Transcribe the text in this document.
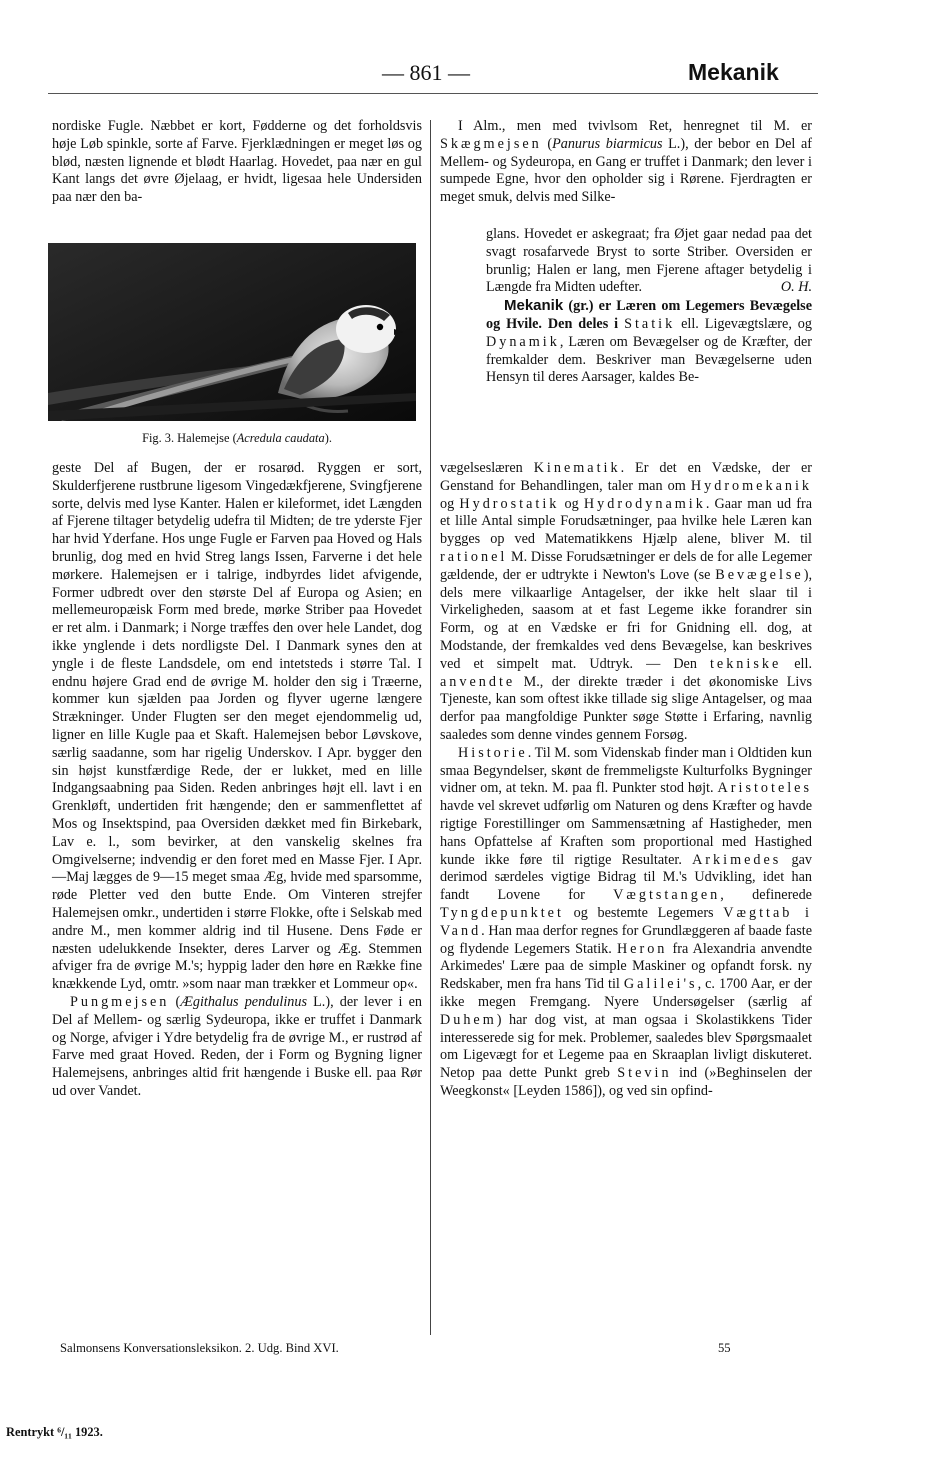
— 861 —	Mekanik

nordiske Fugle. Næbbet er kort, Fødderne og det forholdsvis høje Løb spinkle, sorte af Farve. Fjerklædningen er meget løs og blød, næsten lignende et blødt Haarlag. Hovedet, paa nær en gul Kant langs det øvre Øjelaag, er hvidt, ligesaa hele Undersiden paa nær den ba-

Fig. 3. Halemejse (Acredula caudata).

geste Del af Bugen, der er rosarød. Ryggen er sort, Skulderfjerene rustbrune ligesom Vingedækfjerene, Svingfjerene sorte, delvis med lyse Kanter. Halen er kileformet, idet Længden af Fjerene tiltager betydelig udefra til Midten; de tre yderste Fjer har hvid Yderfane. Hos unge Fugle er Farven paa Hoved og Hals brunlig, dog med en hvid Streg langs Issen, Farverne i det hele mørkere. Halemejsen er i talrige, indbyrdes lidet afvigende, Former udbredt over den største Del af Europa og Asien; en mellemeuropæisk Form med brede, mørke Striber paa Hovedet er ret alm. i Danmark; i Norge træffes den over hele Landet, dog ikke ynglende i dets nordligste Del. I Danmark synes den at yngle i de fleste Landsdele, om end intetsteds i større Tal. I endnu højere Grad end de øvrige M. holder den sig i Træerne, kommer kun sjælden paa Jorden og flyver ugerne længere Strækninger. Under Flugten ser den meget ejendommelig ud, ligner en lille Kugle paa et Skaft. Halemejsen bebor Løvskove, særlig saadanne, som har rigelig Underskov. I Apr. bygger den sin højst kunstfærdige Rede, der er lukket, med en lille Indgangsaabning paa Siden. Reden anbringes højt ell. lavt i en Grenkløft, undertiden frit hængende; den er sammenflettet af Mos og Insektspind, paa Oversiden dækket med fin Birkebark, Lav e. l., som bevirker, at den vanskelig skelnes fra Omgivelserne; indvendig er den foret med en Masse Fjer. I Apr.—Maj lægges de 9—15 meget smaa Æg, hvide med sparsomme, røde Pletter ved den butte Ende. Om Vinteren strejfer Halemejsen omkr., undertiden i større Flokke, ofte i Selskab med andre M., men kommer aldrig ind til Husene. Dens Føde er næsten udelukkende Insekter, deres Larver og Æg. Stemmen afviger fra de øvrige M.'s; hyppig lader den høre en Række fine knækkende Lyd, omtr. »som naar man trækker et Lommeur op«.

Pungmejsen (Ægithalus pendulinus L.), der lever i en Del af Mellem- og særlig Sydeuropa, ikke er truffet i Danmark og Norge, afviger i Ydre betydelig fra de øvrige M., er rustrød af Farve med graat Hoved. Reden, der i Form og Bygning ligner Halemejsens, anbringes altid frit hængende i Buske ell. paa Rør ud over Vandet.

I Alm., men med tvivlsom Ret, henregnet til M. er Skægmejsen (Panurus biarmicus L.), der bebor en Del af Mellem- og Sydeuropa, en Gang er truffet i Danmark; den lever i sumpede Egne, hvor den opholder sig i Rørene. Fjerdragten er meget smuk, delvis med Silke-

glans. Hovedet er askegraat; fra Øjet gaar nedad paa det svagt rosafarvede Bryst to sorte Striber. Oversiden er brunlig; Halen er lang, men Fjerene aftager betydelig i Længde fra Midten udefter.	O. H.

Mekanik (gr.) er Læren om Legemers Bevægelse og Hvile. Den deles i Statik ell. Ligevægtslære, og Dynamik, Læren om Bevægelser og de Kræfter, der fremkalder dem. Beskriver man Bevægelserne uden Hensyn til deres Aarsager, kaldes Be-

vægelseslæren Kinematik. Er det en Vædske, der er Genstand for Behandlingen, taler man om Hydromekanik og Hydrostatik og Hydrodynamik. Gaar man ud fra et lille Antal simple Forudsætninger, paa hvilke hele Læren kan bygges op ved Matematikkens Hjælp alene, bliver M. til rationel M. Disse Forudsætninger er dels de for alle Legemer gældende, der er udtrykte i Newton's Love (se Bevægelse), dels mere vilkaarlige Antagelser, der ikke helt slaar til i Virkeligheden, saasom at et fast Legeme ikke forandrer sin Form, og at en Vædske er fri for Gnidning ell. dog, at Modstande, der fremkaldes ved dens Bevægelse, kan beskrives ved et simpelt mat. Udtryk. — Den tekniske ell. anvendte M., der direkte træder i det økonomiske Livs Tjeneste, kan som oftest ikke tillade sig slige Antagelser, og maa derfor paa mangfoldige Punkter søge Støtte i Erfaring, navnlig saaledes som denne vindes gennem Forsøg.

Historie. Til M. som Videnskab finder man i Oldtiden kun smaa Begyndelser, skønt de fremmeligste Kulturfolks Bygninger vidner om, at tekn. M. paa fl. Punkter stod højt. Aristoteles havde vel skrevet udførlig om Naturen og dens Kræfter og havde rigtige Forestillinger om Sammensætning af Hastigheder, men hans Opfattelse af Kraften som proportional med Hastighed kunde ikke føre til rigtige Resultater. Arkimedes gav derimod særdeles vigtige Bidrag til M.'s Udvikling, idet han fandt Lovene for Vægtstangen, definerede Tyngdepunktet og bestemte Legemers Vægttab i Vand. Han maa derfor regnes for Grundlæggeren af baade faste og flydende Legemers Statik. Heron fra Alexandria anvendte Arkimedes' Lære paa de simple Maskiner og opfandt forsk. ny Redskaber, men fra hans Tid til Galilei's, c. 1700 Aar, er der ikke megen Fremgang. Nyere Undersøgelser (særlig af Duhem) har dog vist, at man ogsaa i Skolastikkens Tider interesserede sig for mek. Problemer, saaledes blev Spørgsmaalet om Ligevægt for et Legeme paa en Skraaplan livligt diskuteret. Netop paa dette Punkt greb Stevin ind (»Beghinselen der Weegkonst« [Leyden 1586]), og ved sin opfind-

Salmonsens Konversationsleksikon. 2. Udg. Bind XVI.	55
Rentrykt ⁶/₁₁ 1923.
